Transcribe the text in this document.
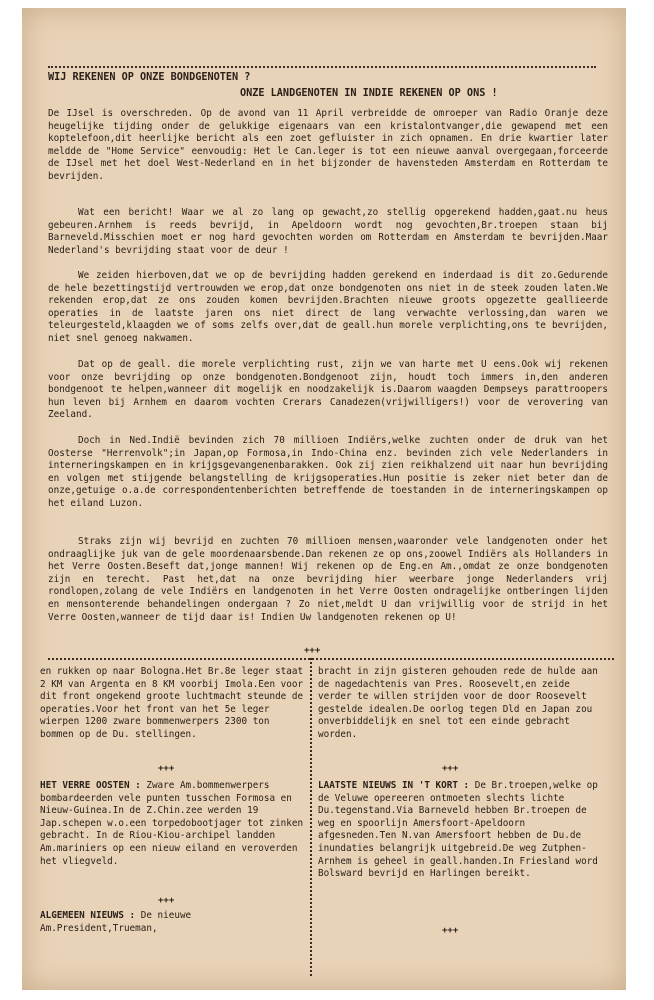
WIJ REKENEN OP ONZE BONDGENOTEN ?
ONZE LANDGENOTEN IN INDIE REKENEN OP ONS !

De IJsel is overschreden. Op de avond van 11 April verbreidde de omroeper van Radio Oranje deze heugelijke tijding onder de gelukkige eigenaars van een kristalontvanger,die gewapend met een koptelefoon,dit heerlijke bericht als een zoet gefluister in zich opnamen. En drie kwartier later meldde de "Home Service" eenvoudig: Het le Can.leger is tot een nieuwe aanval overgegaan,forceerde de IJsel met het doel West-Nederland en in het bijzonder de havensteden Amsterdam en Rotterdam te bevrijden.

Wat een bericht! Waar we al zo lang op gewacht,zo stellig opgerekend hadden,gaat.nu heus gebeuren.Arnhem is reeds bevrijd, in Apeldoorn wordt nog gevochten,Br.troepen staan bij Barneveld.Misschien moet er nog hard gevochten worden om Rotterdam en Amsterdam te bevrijden.Maar Nederland's bevrijding staat voor de deur !

We zeiden hierboven,dat we op de bevrijding hadden gerekend en inderdaad is dit zo.Gedurende de hele bezettingstijd vertrouwden we erop,dat onze bondgenoten ons niet in de steek zouden laten.We rekenden erop,dat ze ons zouden komen bevrijden.Brachten nieuwe groots opgezette geallieerde operaties in de laatste jaren ons niet direct de lang verwachte verlossing,dan waren we teleurgesteld,klaagden we of soms zelfs over,dat de geall.hun morele verplichting,ons te bevrijden, niet snel genoeg nakwamen.

Dat op de geall. die morele verplichting rust, zijn we van harte met U eens.Ook wij rekenen voor onze bevrijding op onze bondgenoten.Bondgenoot zijn, houdt toch immers in,den anderen bondgenoot te helpen,wanneer dit mogelijk en noodzakelijk is.Daarom waagden Dempseys parattroopers hun leven bij Arnhem en daarom vochten Crerars Canadezen(vrijwilligers!) voor de verovering van Zeeland.

Doch in Ned.Indië bevinden zich 70 millioen Indiërs,welke zuchten onder de druk van het Oosterse "Herrenvolk";in Japan,op Formosa,in Indo-China enz. bevinden zich vele Nederlanders in interneringskampen en in krijgsgevangenenbarakken. Ook zij zien reikhalzend uit naar hun bevrijding en volgen met stijgende belangstelling de krijgsoperaties.Hun positie is zeker niet beter dan de onze,getuige o.a.de correspondentenberichten betreffende de toestanden in de interneringskampen op het eiland Luzon.

Straks zijn wij bevrijd en zuchten 70 millioen mensen,waaronder vele landgenoten onder het ondraaglijke juk van de gele moordenaarsbende.Dan rekenen ze op ons,zoowel Indiërs als Hollanders in het Verre Oosten.Beseft dat,jonge mannen! Wij rekenen op de Eng.en Am.,omdat ze onze bondgenoten zijn en terecht. Past het,dat na onze bevrijding hier weerbare jonge Nederlanders vrij rondlopen,zolang de vele Indiërs en landgenoten in het Verre Oosten ondragelijke ontberingen lijden en mensonterende behandelingen ondergaan ? Zo niet,meldt U dan vrijwillig voor de strijd in het Verre Oosten,wanneer de tijd daar is! Indien Uw landgenoten rekenen op U!

+++

en rukken op naar Bologna.Het Br.8e leger staat 2 KM van Argenta en 8 KM voorbij Imola.Een voor dit front ongekend groote luchtmacht steunde de operaties.Voor het front van het 5e leger wierpen 1200 zware bommenwerpers 2300 ton bommen op de Du. stellingen.

+++

HET VERRE OOSTEN : Zware Am.bommenwerpers bombardeerden vele punten tusschen Formosa en Nieuw-Guinea.In de Z.Chin.zee werden 19 Jap.schepen w.o.een torpedobootjager tot zinken gebracht. In de Riou-Kiou-archipel landden Am.mariniers op een nieuw eiland en veroverden het vliegveld.

+++

ALGEMEEN NIEUWS : De nieuwe Am.President,Trueman,

bracht in zijn gisteren gehouden rede de hulde aan de nagedachtenis van Pres. Roosevelt,en zeide verder te willen strijden voor de door Roosevelt gestelde idealen.De oorlog tegen Dld en Japan zou onverbiddelijk en snel tot een einde gebracht worden.

+++

LAATSTE NIEUWS IN 'T KORT : De Br.troepen,welke op de Veluwe opereeren ontmoeten slechts lichte Du.tegenstand.Via Barneveld hebben Br.troepen de weg en spoorlijn Amersfoort-Apeldoorn afgesneden.Ten N.van Amersfoort hebben de Du.de inundaties belangrijk uitgebreid.De weg Zutphen-Arnhem is geheel in geall.handen.In Friesland word Bolsward bevrijd en Harlingen bereikt.

+++
